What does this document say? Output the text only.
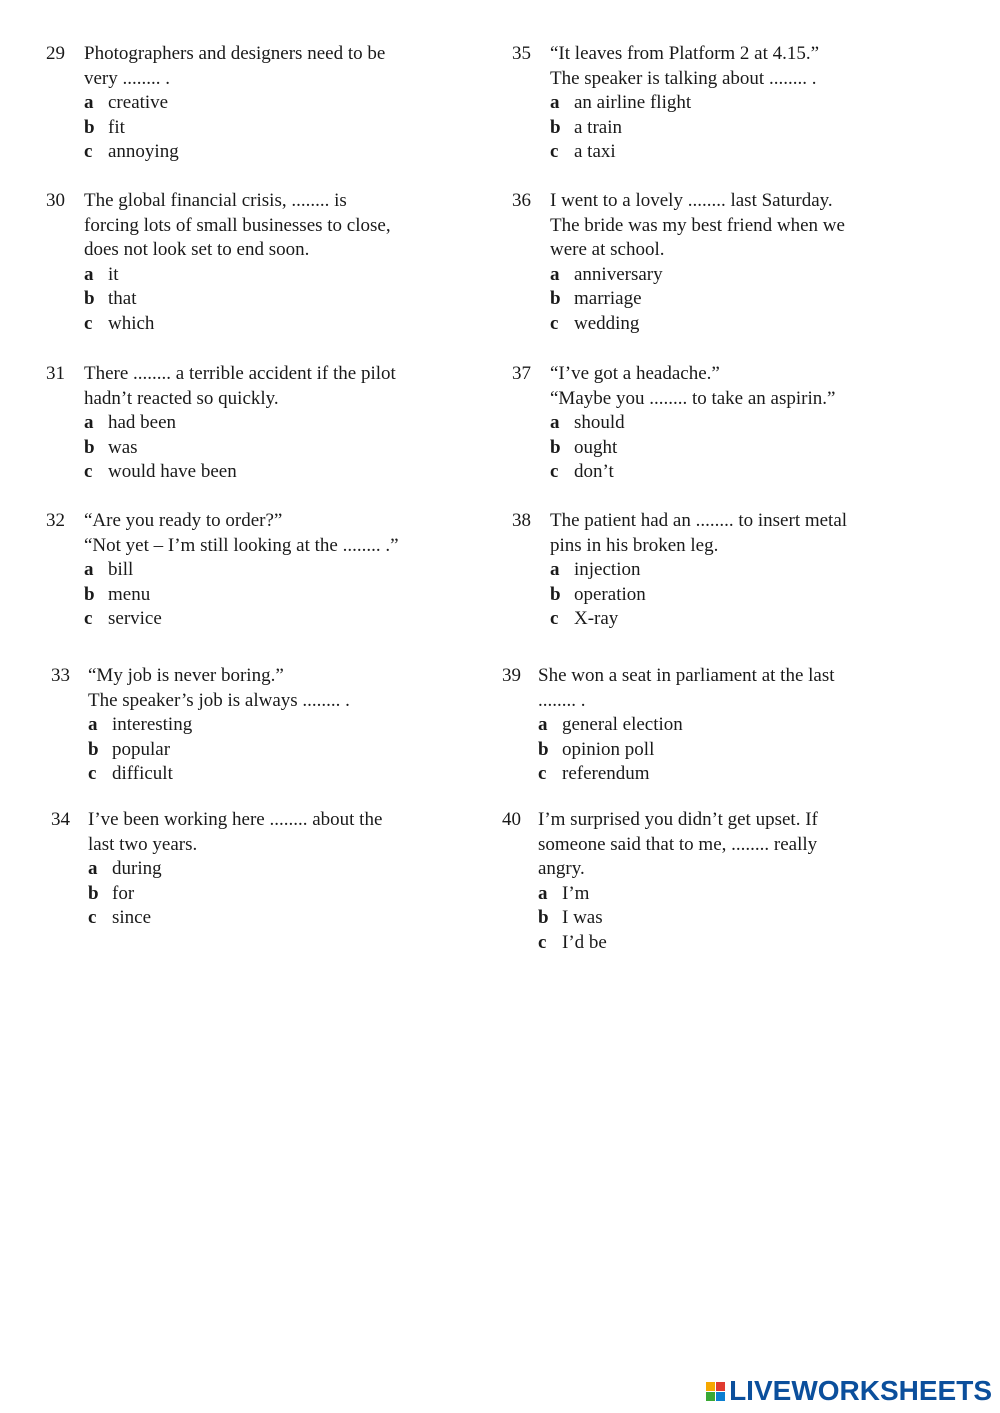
29 Photographers and designers need to be
very ........ .
a creative
b fit
c annoying
30 The global financial crisis, ........ is
forcing lots of small businesses to close,
does not look set to end soon.
a it
b that
c which
31 There ........ a terrible accident if the pilot
hadn’t reacted so quickly.
a had been
b was
c would have been
32 “Are you ready to order?”
“Not yet – I’m still looking at the ........ .”
a bill
b menu
c service
33 “My job is never boring.”
The speaker’s job is always ........ .
a interesting
b popular
c difficult
34 I’ve been working here ........ about the
last two years.
a during
b for
c since
35 “It leaves from Platform 2 at 4.15.”
The speaker is talking about ........ .
a an airline flight
b a train
c a taxi
36 I went to a lovely ........ last Saturday.
The bride was my best friend when we
were at school.
a anniversary
b marriage
c wedding
37 “I’ve got a headache.”
“Maybe you ........ to take an aspirin.”
a should
b ought
c don’t
38 The patient had an ........ to insert metal
pins in his broken leg.
a injection
b operation
c X-ray
39 She won a seat in parliament at the last
........ .
a general election
b opinion poll
c referendum
40 I’m surprised you didn’t get upset. If
someone said that to me, ........ really
angry.
a I’m
b I was
c I’d be
LIVEWORKSHEETS
